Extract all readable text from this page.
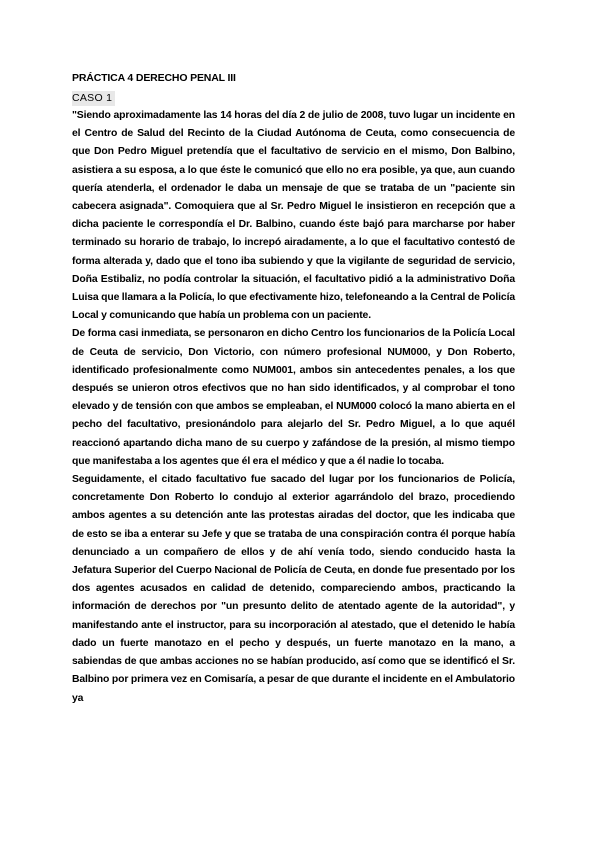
PRÁCTICA 4 DERECHO PENAL III
CASO 1

"Siendo aproximadamente las 14 horas del día 2 de julio de 2008, tuvo lugar un incidente en el Centro de Salud del Recinto de la Ciudad Autónoma de Ceuta, como consecuencia de que Don Pedro Miguel pretendía que el facultativo de servicio en el mismo, Don Balbino, asistiera a su esposa, a lo que éste le comunicó que ello no era posible, ya que, aun cuando quería atenderla, el ordenador le daba un mensaje de que se trataba de un "paciente sin cabecera asignada". Comoquiera que al Sr. Pedro Miguel le insistieron en recepción que a dicha paciente le correspondía el Dr. Balbino, cuando éste bajó para marcharse por haber terminado su horario de trabajo, lo increpó airadamente, a lo que el facultativo contestó de forma alterada y, dado que el tono iba subiendo y que la vigilante de seguridad de servicio, Doña Estibaliz, no podía controlar la situación, el facultativo pidió a la administrativo Doña Luisa que llamara a la Policía, lo que efectivamente hizo, telefoneando a la Central de Policía Local y comunicando que había un problema con un paciente.

De forma casi inmediata, se personaron en dicho Centro los funcionarios de la Policía Local de Ceuta de servicio, Don Victorio, con número profesional NUM000, y Don Roberto, identificado profesionalmente como NUM001, ambos sin antecedentes penales, a los que después se unieron otros efectivos que no han sido identificados, y al comprobar el tono elevado y de tensión con que ambos se empleaban, el NUM000 colocó la mano abierta en el pecho del facultativo, presionándolo para alejarlo del Sr. Pedro Miguel, a lo que aquél reaccionó apartando dicha mano de su cuerpo y zafándose de la presión, al mismo tiempo que manifestaba a los agentes que él era el médico y que a él nadie lo tocaba.

Seguidamente, el citado facultativo fue sacado del lugar por los funcionarios de Policía, concretamente Don Roberto lo condujo al exterior agarrándolo del brazo, procediendo ambos agentes a su detención ante las protestas airadas del doctor, que les indicaba que de esto se iba a enterar su Jefe y que se trataba de una conspiración contra él porque había denunciado a un compañero de ellos y de ahí venía todo, siendo conducido hasta la Jefatura Superior del Cuerpo Nacional de Policía de Ceuta, en donde fue presentado por los dos agentes acusados en calidad de detenido, compareciendo ambos, practicando la información de derechos por "un presunto delito de atentado agente de la autoridad", y manifestando ante el instructor, para su incorporación al atestado, que el detenido le había dado un fuerte manotazo en el pecho y después, un fuerte manotazo en la mano, a sabiendas de que ambas acciones no se habían producido, así como que se identificó el Sr. Balbino por primera vez en Comisaría, a pesar de que durante el incidente en el Ambulatorio ya
